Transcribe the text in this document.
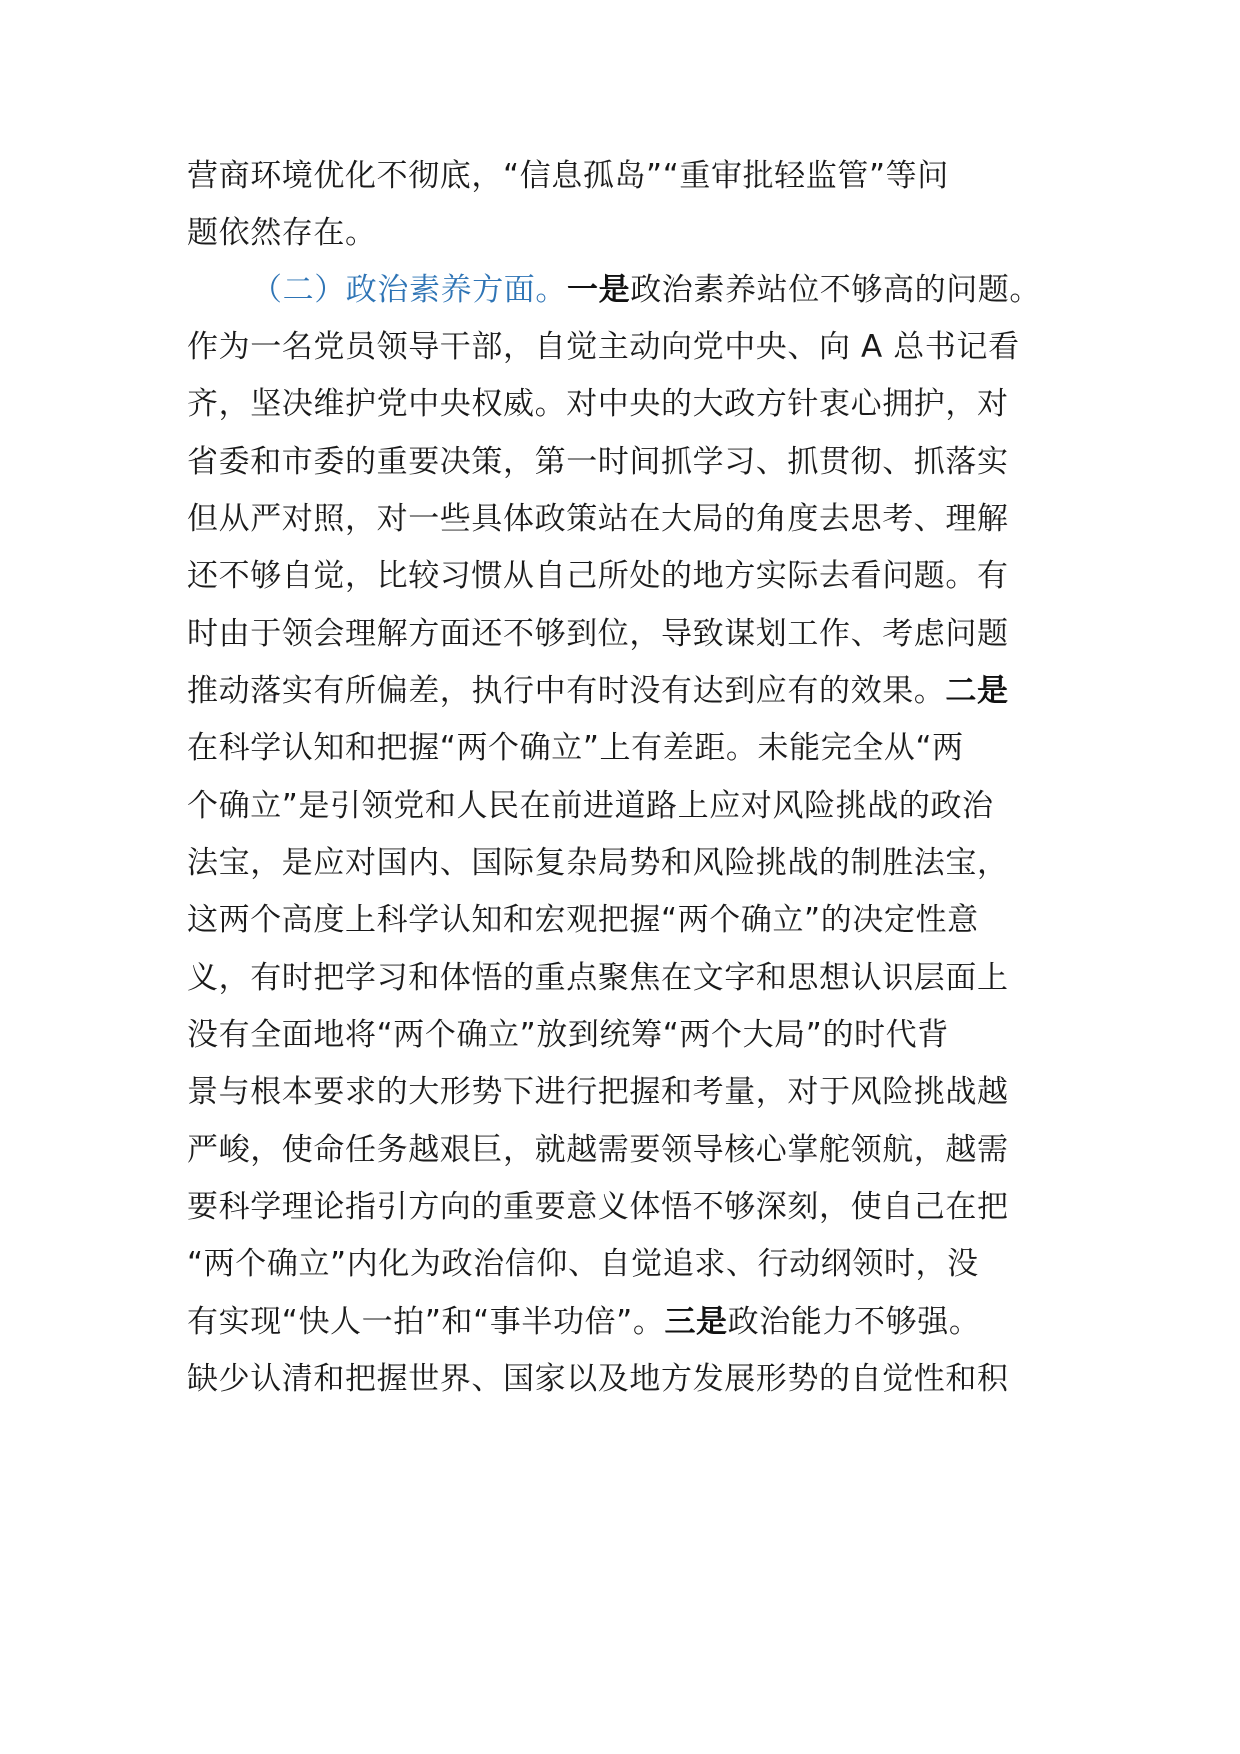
营商环境优化不彻底，“信息孤岛”“重审批轻监管”等问
题依然存在。
（二）政治素养方面。一是政治素养站位不够高的问题。
作为一名党员领导干部，自觉主动向党中央、向 A 总书记看
齐，坚决维护党中央权威。对中央的大政方针衷心拥护，对
省委和市委的重要决策，第一时间抓学习、抓贯彻、抓落实
但从严对照，对一些具体政策站在大局的角度去思考、理解
还不够自觉，比较习惯从自己所处的地方实际去看问题。有
时由于领会理解方面还不够到位，导致谋划工作、考虑问题
推动落实有所偏差，执行中有时没有达到应有的效果。二是
在科学认知和把握“两个确立”上有差距。未能完全从“两
个确立”是引领党和人民在前进道路上应对风险挑战的政治
法宝，是应对国内、国际复杂局势和风险挑战的制胜法宝，
这两个高度上科学认知和宏观把握“两个确立”的决定性意
义，有时把学习和体悟的重点聚焦在文字和思想认识层面上
没有全面地将“两个确立”放到统筹“两个大局”的时代背
景与根本要求的大形势下进行把握和考量，对于风险挑战越
严峻，使命任务越艰巨，就越需要领导核心掌舵领航，越需
要科学理论指引方向的重要意义体悟不够深刻，使自己在把
“两个确立”内化为政治信仰、自觉追求、行动纲领时，没
有实现“快人一拍”和“事半功倍”。三是政治能力不够强。
缺少认清和把握世界、国家以及地方发展形势的自觉性和积
